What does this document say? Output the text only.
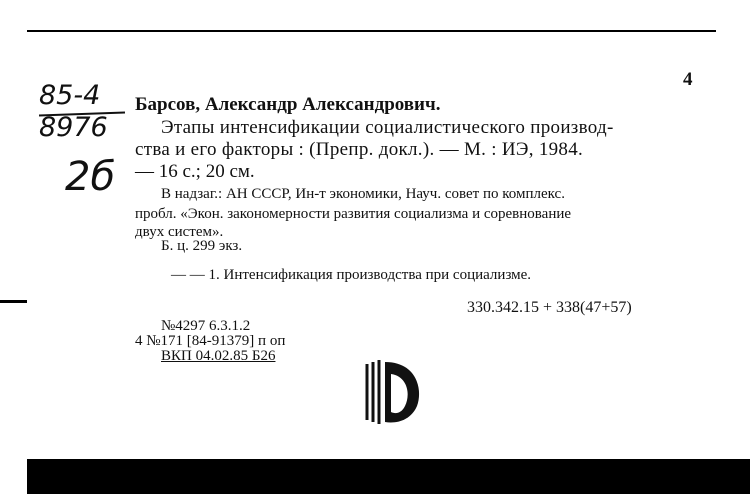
4
85-4
8976
2б
Барсов, Александр Александрович.
Этапы интенсификации социалистического производ-
ства и его факторы : (Препр. докл.). — М. : ИЭ, 1984.
— 16 с.; 20 см.
В надзаг.: АН СССР, Ин-т экономики, Науч. совет по комплекс.
пробл. «Экон. закономерности развития социализма и соревнование
двух систем».
Б. ц. 299 экз.
— — 1. Интенсификация производства при социализме.
330.342.15 + 338(47+57)
№4297 6.3.1.2
4 №171 [84-91379] п оп
ВКП 04.02.85 Б26
